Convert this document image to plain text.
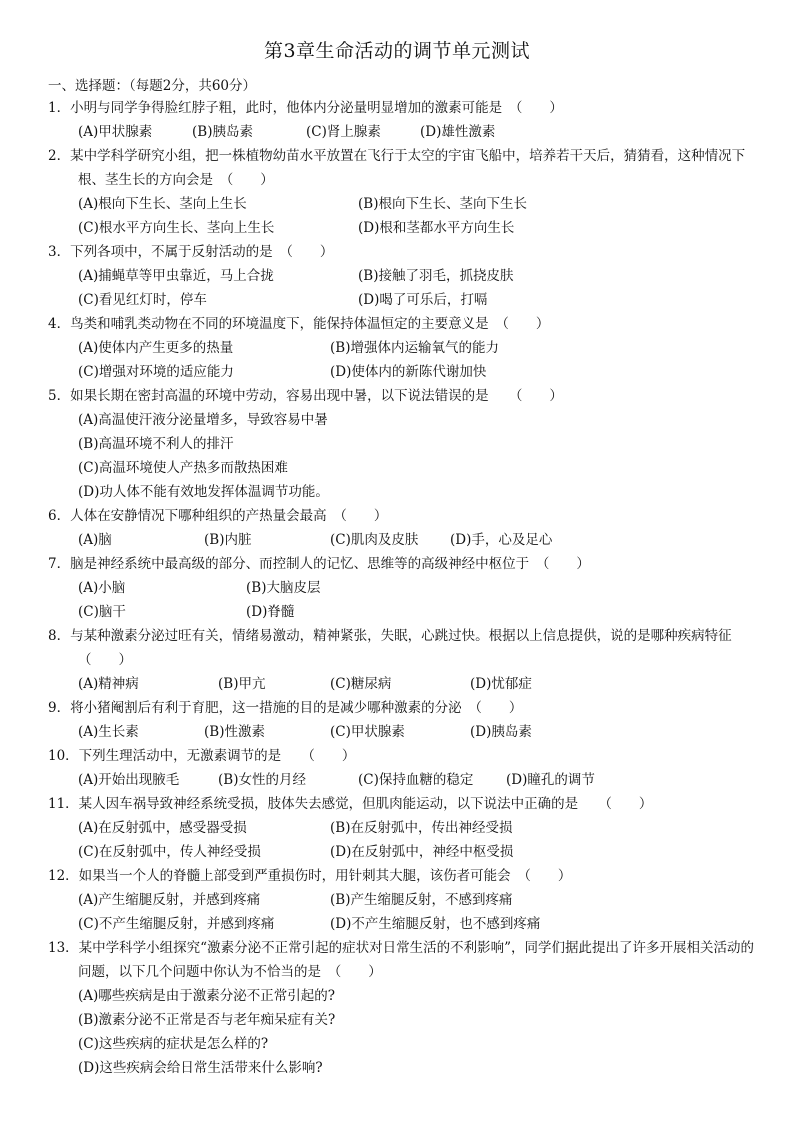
第3章生命活动的调节单元测试
一、选择题：（每题2分，共60分）
1．小明与同学争得脸红脖子粗，此时，他体内分泌量明显增加的激素可能是　（　　）
(A)甲状腺素	(B)胰岛素	(C)肾上腺素	(D)雄性激素
2．某中学科学研究小组，把一株植物幼苗水平放置在飞行于太空的宇宙飞船中，培养若干天后，猜猜看，这种情况下根、茎生长的方向会是　（　　）
(A)根向下生长、茎向上生长	(B)根向下生长、茎向下生长
(C)根水平方向生长、茎向上生长	(D)根和茎都水平方向生长
3．下列各项中，不属于反射活动的是　（　　）
(A)捕蝇草等甲虫靠近，马上合拢	(B)接触了羽毛，抓挠皮肤
(C)看见红灯时，停车	(D)喝了可乐后，打嗝
4．鸟类和哺乳类动物在不同的环境温度下，能保持体温恒定的主要意义是　（　　）
(A)使体内产生更多的热量	(B)增强体内运输氧气的能力
(C)增强对环境的适应能力	(D)使体内的新陈代谢加快
5．如果长期在密封高温的环境中劳动，容易出现中暑，以下说法错误的是　　（　　）
(A)高温使汗液分泌量增多，导致容易中暑
(B)高温环境不利人的排汗
(C)高温环境使人产热多而散热困难
(D)功人体不能有效地发挥体温调节功能。
6．人体在安静情况下哪种组织的产热量会最高　（　　）
(A)脑	(B)内脏	(C)肌肉及皮肤	(D)手，心及足心
7．脑是神经系统中最高级的部分、而控制人的记忆、思维等的高级神经中枢位于　（　　）
(A)小脑	(B)大脑皮层
(C)脑干	(D)脊髓
8．与某种激素分泌过旺有关，情绪易激动，精神紧张，失眠，心跳过快。根据以上信息提供，说的是哪种疾病特征　（　　）
(A)精神病	(B)甲亢	(C)糖尿病	(D)忧郁症
9．将小猪阉割后有利于育肥，这一措施的目的是减少哪种激素的分泌　（　　）
(A)生长素	(B)性激素	(C)甲状腺素	(D)胰岛素
10．下列生理活动中，无激素调节的是　　（　　）
(A)开始出现腋毛	(B)女性的月经	(C)保持血糖的稳定	(D)瞳孔的调节
11．某人因车祸导致神经系统受损，肢体失去感觉，但肌肉能运动，以下说法中正确的是　　（　　）
(A)在反射弧中，感受器受损	(B)在反射弧中，传出神经受损
(C)在反射弧中，传人神经受损	(D)在反射弧中，神经中枢受损
12．如果当一个人的脊髓上部受到严重损伤时，用针刺其大腿，该伤者可能会　（　　）
(A)产生缩腿反射，并感到疼痛	(B)产生缩腿反射，不感到疼痛
(C)不产生缩腿反射，并感到疼痛	(D)不产生缩腿反射，也不感到疼痛
13．某中学科学小组探究“激素分泌不正常引起的症状对日常生活的不利影响”，同学们据此提出了许多开展相关活动的问题，以下几个问题中你认为不恰当的是　（　　）
(A)哪些疾病是由于激素分泌不正常引起的?
(B)激素分泌不正常是否与老年痴呆症有关?
(C)这些疾病的症状是怎么样的?
(D)这些疾病会给日常生活带来什么影响?
